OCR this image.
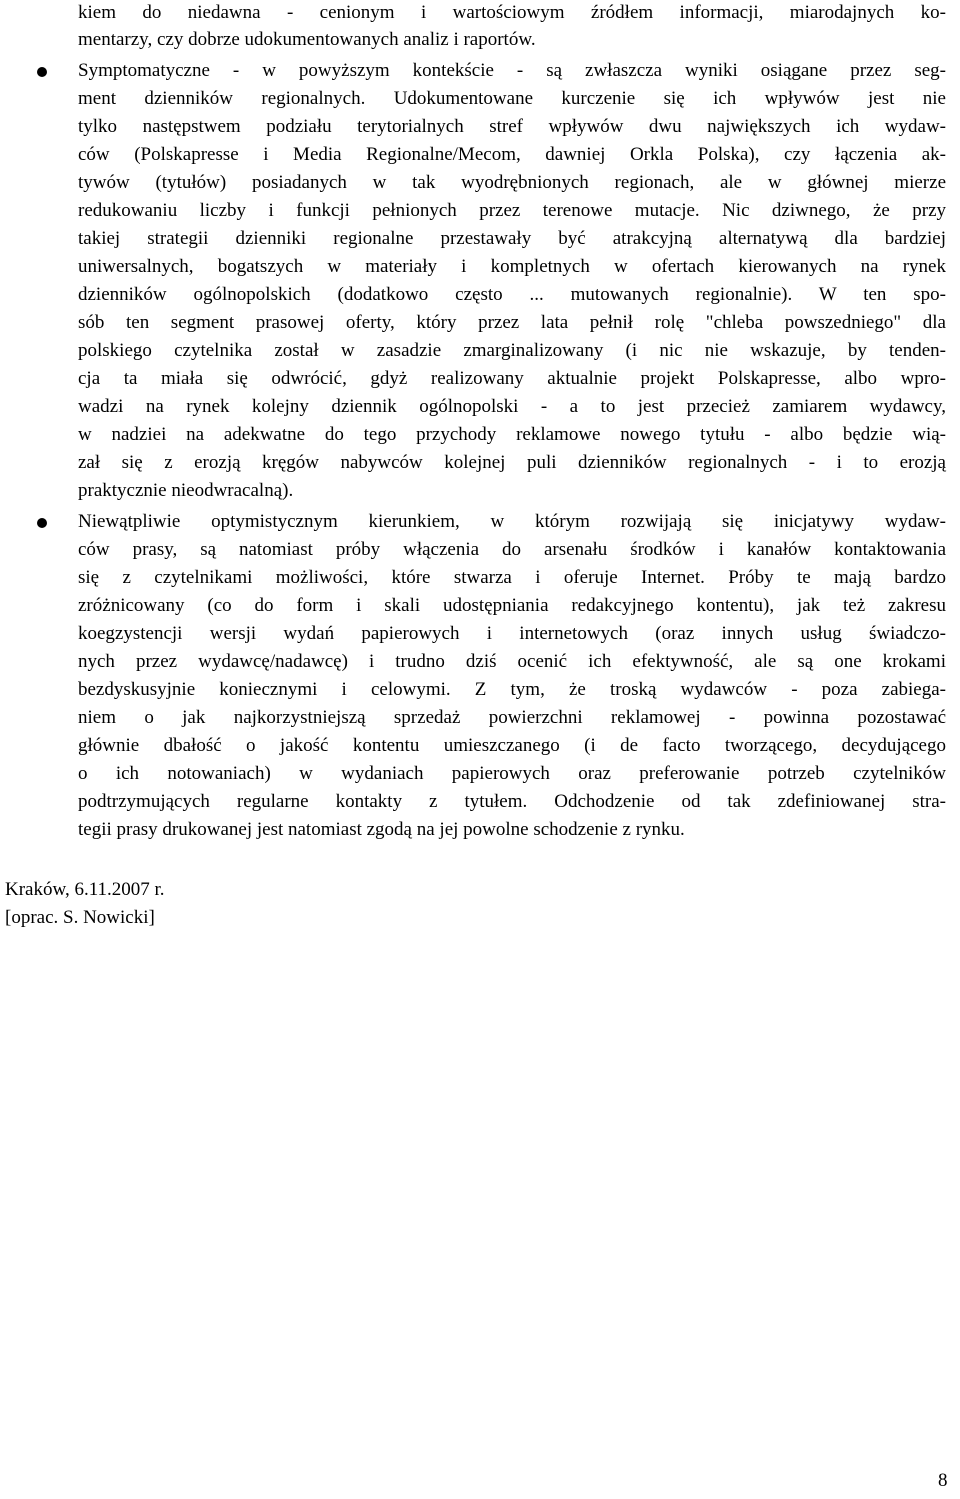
kiem do niedawna - cenionym i wartościowym źródłem informacji, miarodajnych ko-
mentarzy, czy dobrze udokumentowanych analiz i raportów.
Symptomatyczne - w powyższym kontekście - są zwłaszcza wyniki osiągane przez seg-
ment dzienników regionalnych. Udokumentowane kurczenie się ich wpływów jest nie
tylko następstwem podziału terytorialnych stref wpływów dwu największych ich wydaw-
ców (Polskapresse i Media Regionalne/Mecom, dawniej Orkla Polska), czy łączenia ak-
tywów (tytułów) posiadanych w tak wyodrębnionych regionach, ale w głównej mierze
redukowaniu liczby i funkcji pełnionych przez terenowe mutacje. Nic dziwnego, że przy
takiej strategii dzienniki regionalne przestawały być atrakcyjną alternatywą dla bardziej
uniwersalnych, bogatszych w materiały i kompletnych w ofertach kierowanych na rynek
dzienników ogólnopolskich (dodatkowo często ... mutowanych regionalnie). W ten spo-
sób ten segment prasowej oferty, który przez lata pełnił rolę "chleba powszedniego" dla
polskiego czytelnika został w zasadzie zmarginalizowany (i nic nie wskazuje, by tenden-
cja ta miała się odwrócić, gdyż realizowany aktualnie projekt Polskapresse, albo wpro-
wadzi na rynek kolejny dziennik ogólnopolski - a to jest przecież zamiarem wydawcy,
w nadziei na adekwatne do tego przychody reklamowe nowego tytułu - albo będzie wią-
zał się z erozją kręgów nabywców kolejnej puli dzienników regionalnych - i to erozją
praktycznie nieodwracalną).
Niewątpliwie optymistycznym kierunkiem, w którym rozwijają się inicjatywy wydaw-
ców prasy, są natomiast próby włączenia do arsenału środków i kanałów kontaktowania
się z czytelnikami możliwości, które stwarza i oferuje Internet. Próby te mają bardzo
zróżnicowany (co do form i skali udostępniania redakcyjnego kontentu), jak też zakresu
koegzystencji wersji wydań papierowych i internetowych (oraz innych usług świadczo-
nych przez wydawcę/nadawcę) i trudno dziś ocenić ich efektywność, ale są one krokami
bezdyskusyjnie koniecznymi i celowymi. Z tym, że troską wydawców - poza zabiega-
niem o jak najkorzystniejszą sprzedaż powierzchni reklamowej - powinna pozostawać
głównie dbałość o jakość kontentu umieszczanego (i de facto tworzącego, decydującego
o ich notowaniach) w wydaniach papierowych oraz preferowanie potrzeb czytelników
podtrzymujących regularne kontakty z tytułem. Odchodzenie od tak zdefiniowanej stra-
tegii prasy drukowanej jest natomiast zgodą na jej powolne schodzenie z rynku.
Kraków, 6.11.2007 r.
[oprac. S. Nowicki]
8
